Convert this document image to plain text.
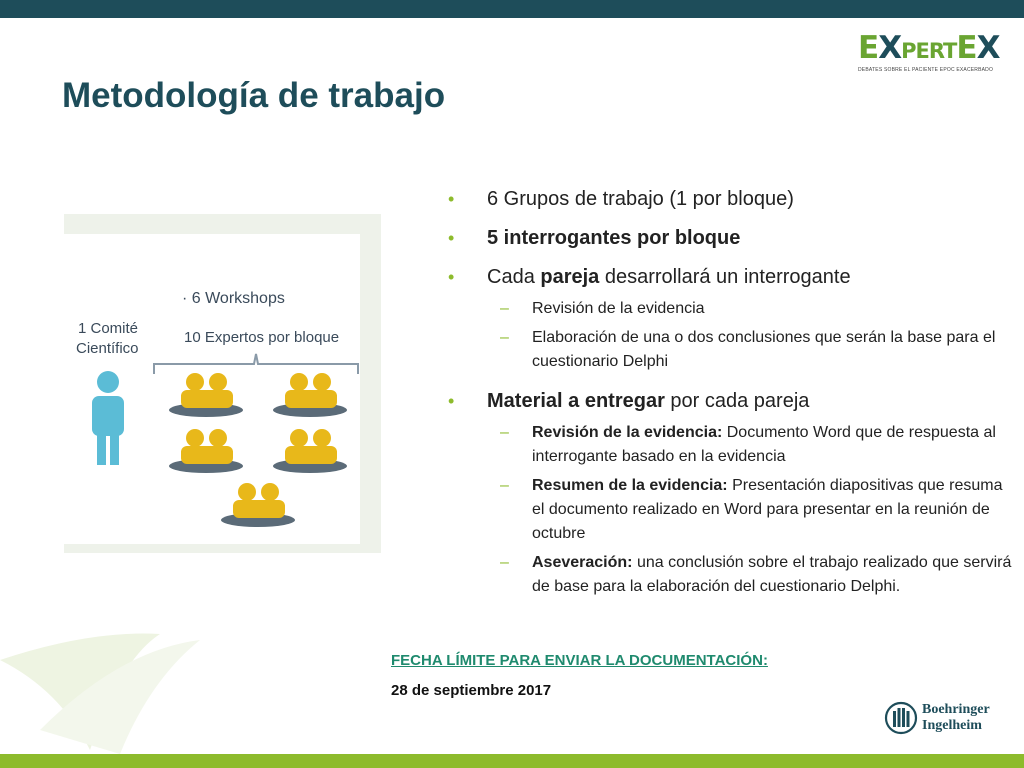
EXPERTEX
DEBATES SOBRE EL PACIENTE EPOC EXACERBADO
Metodología de trabajo
· 6 Workshops
10 Expertos por bloque
1 Comité
Científico
• 6 Grupos de trabajo (1 por bloque)
• 5 interrogantes por bloque
• Cada pareja desarrollará un interrogante
– Revisión de la evidencia
– Elaboración de una o dos conclusiones que serán la base para el cuestionario Delphi
• Material a entregar por cada pareja
– Revisión de la evidencia: Documento Word que de respuesta al interrogante basado en la evidencia
– Resumen de la evidencia: Presentación diapositivas que resuma el documento realizado en Word para presentar en la reunión de octubre
– Aseveración: una conclusión sobre el trabajo realizado que servirá de base para la elaboración del cuestionario Delphi.
FECHA LÍMITE PARA ENVIAR LA DOCUMENTACIÓN:
28 de septiembre 2017
Boehringer
Ingelheim
